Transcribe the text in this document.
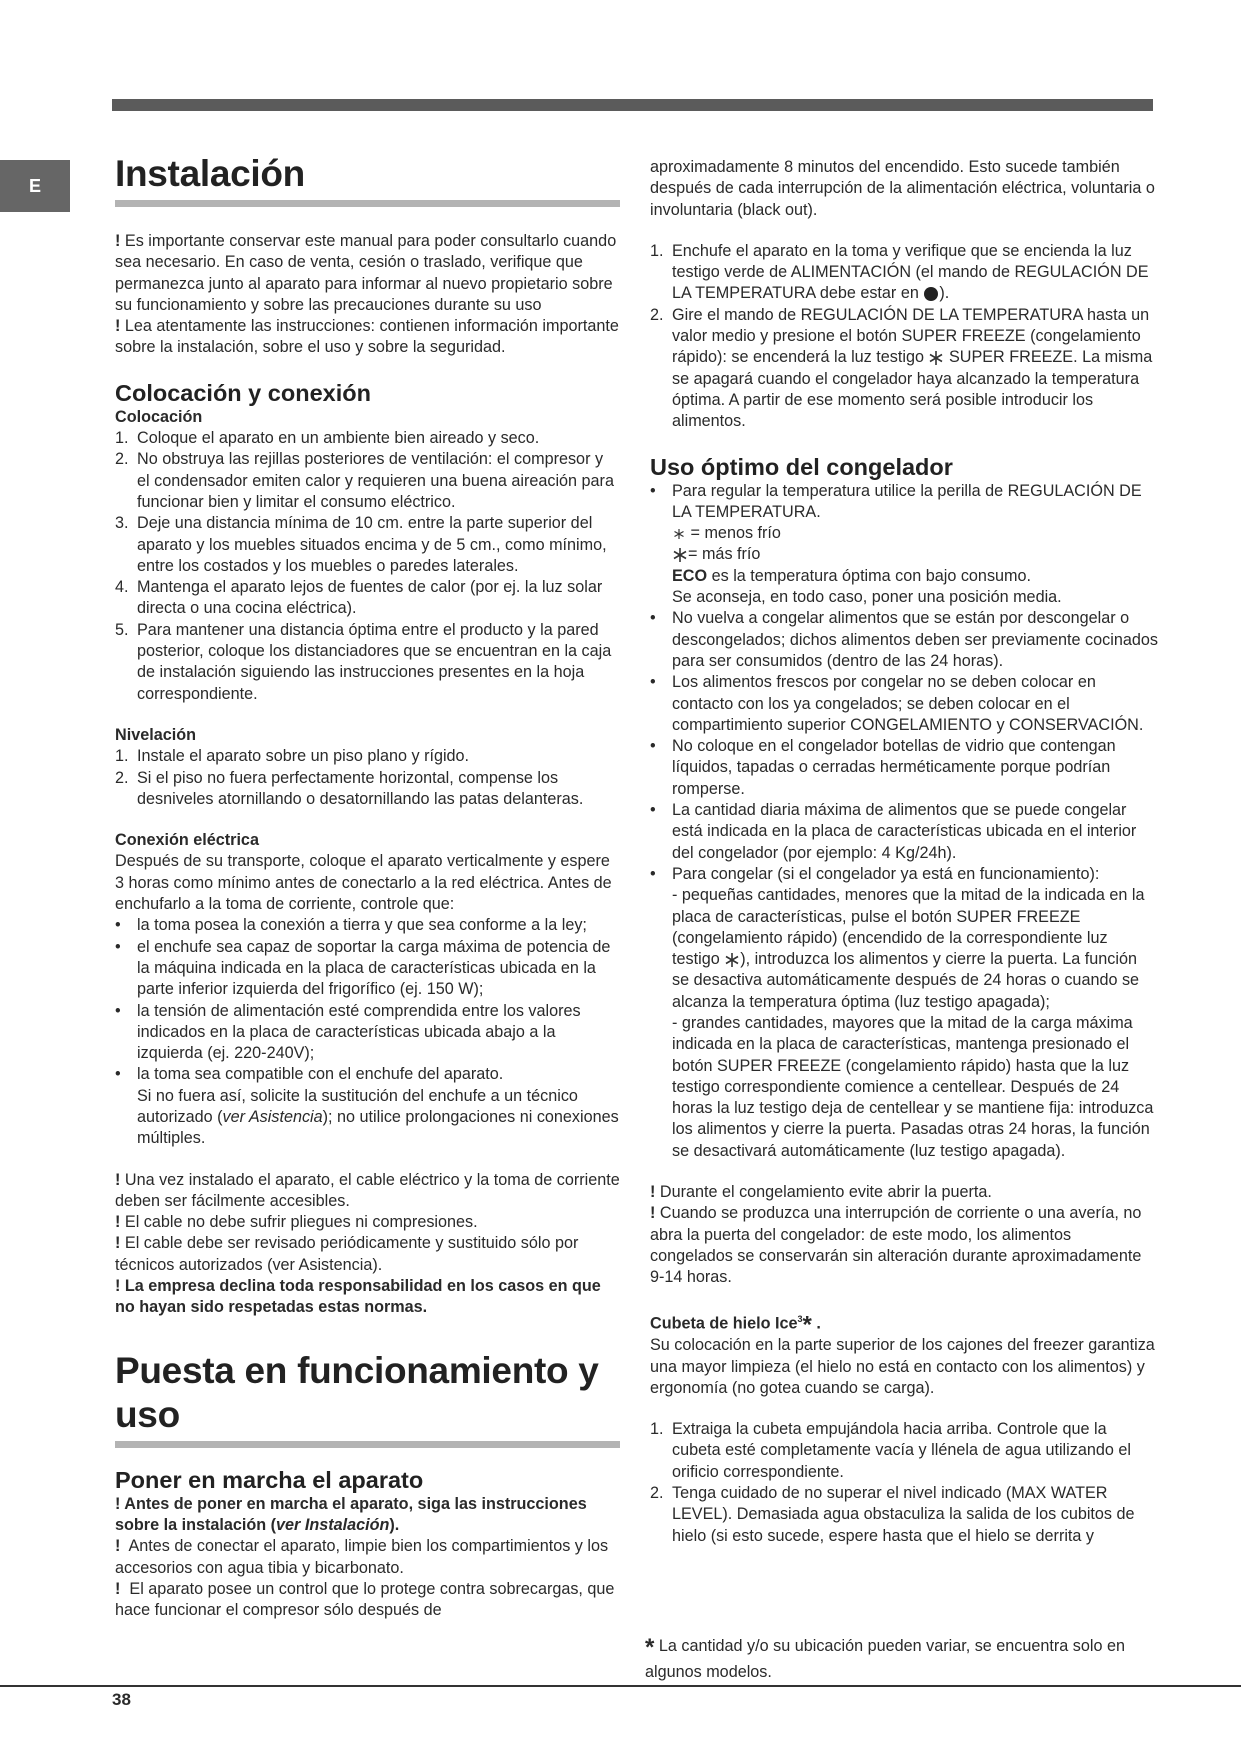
E Instalación

! Es importante conservar este manual para poder consultarlo cuando sea necesario. En caso de venta, cesión o traslado, verifique que permanezca junto al aparato para informar al nuevo propietario sobre su funcionamiento y sobre las precauciones durante su uso

! Lea atentamente las instrucciones: contienen información importante sobre la instalación, sobre el uso y sobre la seguridad.

Colocación y conexión
Colocación
1. Coloque el aparato en un ambiente bien aireado y seco.
2. No obstruya las rejillas posteriores de ventilación: el compresor y el condensador emiten calor y requieren una buena aireación para funcionar bien y limitar el consumo eléctrico.
3. Deje una distancia mínima de 10 cm. entre la parte superior del aparato y los muebles situados encima y de 5 cm., como mínimo, entre los costados y los muebles o paredes laterales.
4. Mantenga el aparato lejos de fuentes de calor (por ej. la luz solar directa o una cocina eléctrica).
5. Para mantener una distancia óptima entre el producto y la pared posterior, coloque los distanciadores que se encuentran en la caja de instalación siguiendo las instrucciones presentes en la hoja correspondiente.
Nivelación
1. Instale el aparato sobre un piso plano y rígido.
2. Si el piso no fuera perfectamente horizontal, compense los desniveles atornillando o desatornillando las patas delanteras.
Conexión eléctrica

Después de su transporte, coloque el aparato verticalmente y espere 3 horas como mínimo antes de conectarlo a la red eléctrica. Antes de enchufarlo a la toma de corriente, controle que:

•	la toma posea la conexión a tierra y que sea conforme a la ley;
•	el enchufe sea capaz de soportar la carga máxima de potencia de la máquina indicada en la placa de características ubicada en la parte inferior izquierda del frigorífico (ej. 150 W);
•	la tensión de alimentación esté comprendida entre los valores indicados en la placa de características ubicada abajo a la izquierda (ej. 220-240V);
•	la toma sea compatible con el enchufe del aparato.

Si no fuera así, solicite la sustitución del enchufe a un técnico autorizado (ver Asistencia); no utilice prolongaciones ni conexiones múltiples.

! Una vez instalado el aparato, el cable eléctrico y la toma de corriente deben ser fácilmente accesibles.

! El cable no debe sufrir pliegues ni compresiones.

! El cable debe ser revisado periódicamente y sustituido sólo por técnicos autorizados (ver Asistencia).

! La empresa declina toda responsabilidad en los casos en que no hayan sido respetadas estas normas.

Puesta en funcionamiento y uso
Poner en marcha el aparato

! Antes de poner en marcha el aparato, siga las instrucciones sobre la instalación (ver Instalación).

! Antes de conectar el aparato, limpie bien los compartimientos y los accesorios con agua tibia y bicarbonato.

! El aparato posee un control que lo protege contra sobrecargas, que hace funcionar el compresor sólo después de

aproximadamente 8 minutos del encendido. Esto sucede también después de cada interrupción de la alimentación eléctrica, voluntaria o involuntaria (black out).

1. Enchufe el aparato en la toma y verifique que se encienda la luz testigo verde de ALIMENTACIÓN (el mando de REGULACIÓN DE LA TEMPERATURA debe estar en ).
2. Gire el mando de REGULACIÓN DE LA TEMPERATURA hasta un valor medio y presione el botón SUPER FREEZE (congelamiento rápido): se encenderá la luz testigo SUPER FREEZE. La misma se apagará cuando el congelador haya alcanzado la temperatura óptima. A partir de ese momento será posible introducir los alimentos.
Uso óptimo del congelador
•	Para regular la temperatura utilice la perilla de REGULACIÓN DE LA TEMPERATURA.
= menos frío
= más frío
ECO es la temperatura óptima con bajo consumo.
Se aconseja, en todo caso, poner una posición media.
•	No vuelva a congelar alimentos que se están por descongelar o descongelados; dichos alimentos deben ser previamente cocinados para ser consumidos (dentro de las 24 horas).
•	Los alimentos frescos por congelar no se deben colocar en contacto con los ya congelados; se deben colocar en el compartimiento superior CONGELAMIENTO y CONSERVACIÓN.
•	No coloque en el congelador botellas de vidrio que contengan líquidos, tapadas o cerradas herméticamente porque podrían romperse.
•	La cantidad diaria máxima de alimentos que se puede congelar está indicada en la placa de características ubicada en el interior del congelador (por ejemplo: 4 Kg/24h).
•	Para congelar (si el congelador ya está en funcionamiento):
- pequeñas cantidades, menores que la mitad de la indicada en la placa de características, pulse el botón SUPER FREEZE (congelamiento rápido) (encendido de la correspondiente luz testigo ), introduzca los alimentos y cierre la puerta. La función se desactiva automáticamente después de 24 horas o cuando se alcanza la temperatura óptima (luz testigo apagada);
- grandes cantidades, mayores que la mitad de la carga máxima indicada en la placa de características, mantenga presionado el botón SUPER FREEZE (congelamiento rápido) hasta que la luz testigo correspondiente comience a centellear. Después de 24 horas la luz testigo deja de centellear y se mantiene fija: introduzca los alimentos y cierre la puerta. Pasadas otras 24 horas, la función se desactivará automáticamente (luz testigo apagada).

! Durante el congelamiento evite abrir la puerta.

! Cuando se produzca una interrupción de corriente o una avería, no abra la puerta del congelador: de este modo, los alimentos congelados se conservarán sin alteración durante aproximadamente 9-14 horas.

Cubeta de hielo Ice$^3$* .

Su colocación en la parte superior de los cajones del freezer garantiza una mayor limpieza (el hielo no está en contacto con los alimentos) y ergonomía (no gotea cuando se carga).

1. Extraiga la cubeta empujándola hacia arriba. Controle que la cubeta esté completamente vacía y llénela de agua utilizando el orificio correspondiente.
2. Tenga cuidado de no superar el nivel indicado (MAX WATER LEVEL). Demasiada agua obstaculiza la salida de los cubitos de hielo (si esto sucede, espere hasta que el hielo se derrita y
* La cantidad y/o su ubicación pueden variar, se encuentra solo en algunos modelos.
38
